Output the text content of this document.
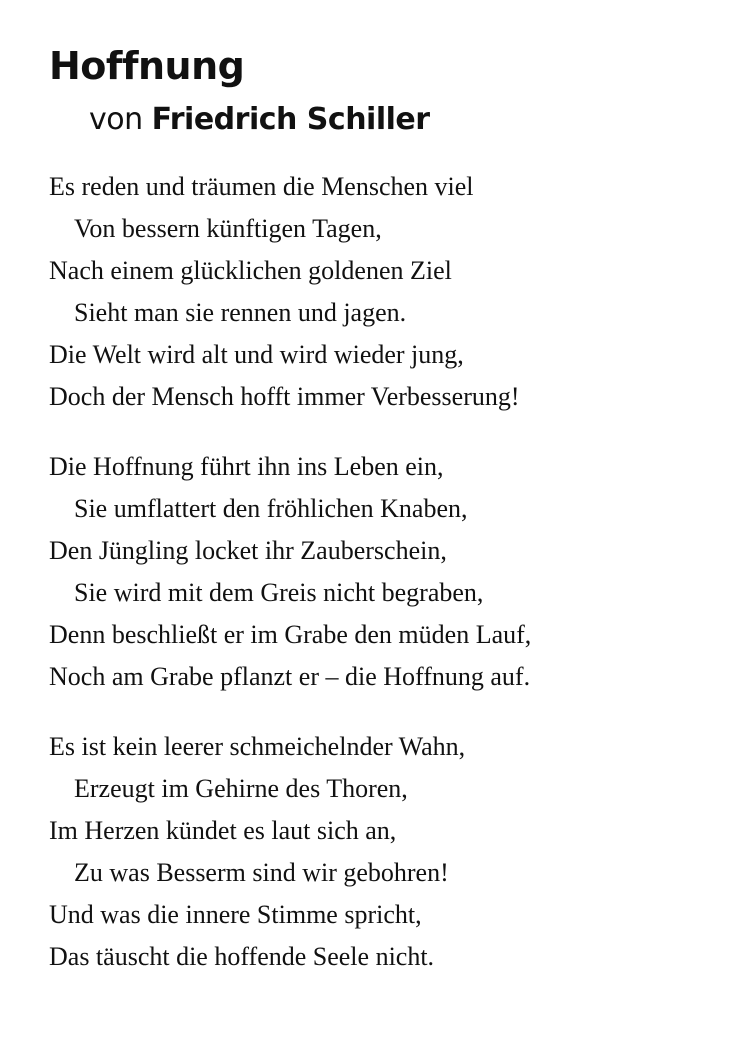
Hoffnung
von Friedrich Schiller
Es reden und träumen die Menschen viel
Von bessern künftigen Tagen,
Nach einem glücklichen goldenen Ziel
Sieht man sie rennen und jagen.
Die Welt wird alt und wird wieder jung,
Doch der Mensch hofft immer Verbesserung!
Die Hoffnung führt ihn ins Leben ein,
Sie umflattert den fröhlichen Knaben,
Den Jüngling locket ihr Zauberschein,
Sie wird mit dem Greis nicht begraben,
Denn beschließt er im Grabe den müden Lauf,
Noch am Grabe pflanzt er – die Hoffnung auf.
Es ist kein leerer schmeichelnder Wahn,
Erzeugt im Gehirne des Thoren,
Im Herzen kündet es laut sich an,
Zu was Besserm sind wir gebohren!
Und was die innere Stimme spricht,
Das täuscht die hoffende Seele nicht.
